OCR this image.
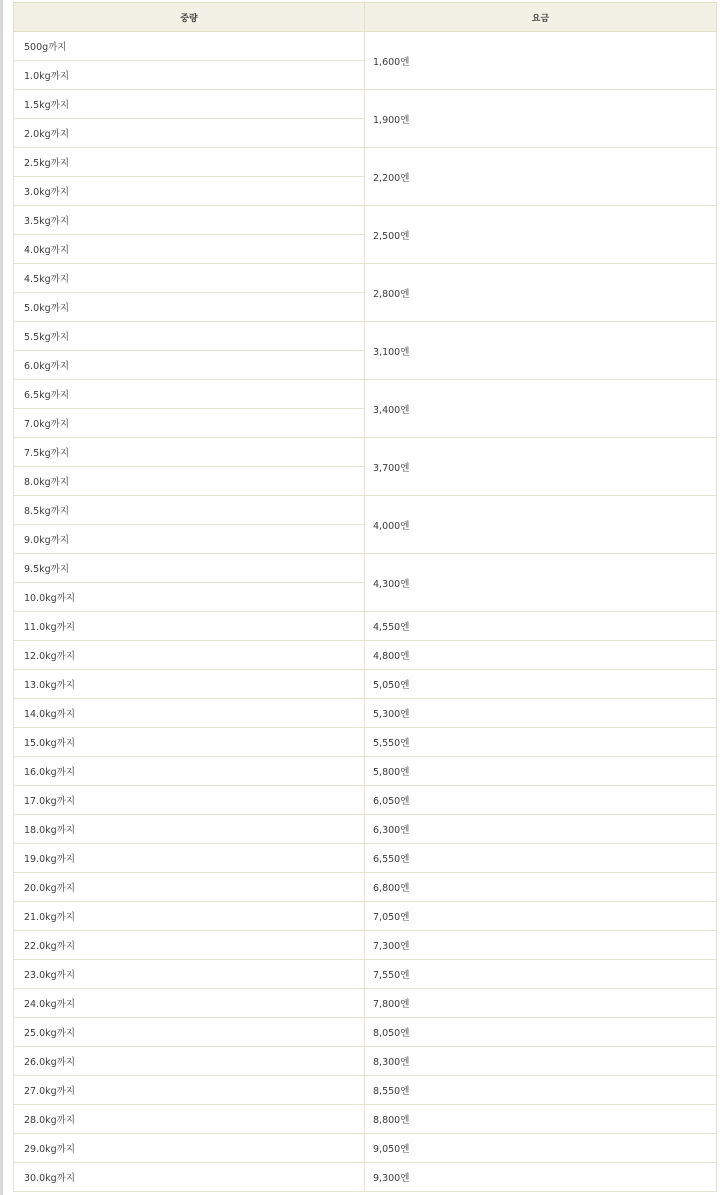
중량	요금
500g까지	1,600엔
1.0kg까지	
1.5kg까지	1,900엔
2.0kg까지	
2.5kg까지	2,200엔
3.0kg까지	
3.5kg까지	2,500엔
4.0kg까지	
4.5kg까지	2,800엔
5.0kg까지	
5.5kg까지	3,100엔
6.0kg까지	
6.5kg까지	3,400엔
7.0kg까지	
7.5kg까지	3,700엔
8.0kg까지	
8.5kg까지	4,000엔
9.0kg까지	
9.5kg까지	4,300엔
10.0kg까지	
11.0kg까지	4,550엔
12.0kg까지	4,800엔
13.0kg까지	5,050엔
14.0kg까지	5,300엔
15.0kg까지	5,550엔
16.0kg까지	5,800엔
17.0kg까지	6,050엔
18.0kg까지	6,300엔
19.0kg까지	6,550엔
20.0kg까지	6,800엔
21.0kg까지	7,050엔
22.0kg까지	7,300엔
23.0kg까지	7,550엔
24.0kg까지	7,800엔
25.0kg까지	8,050엔
26.0kg까지	8,300엔
27.0kg까지	8,550엔
28.0kg까지	8,800엔
29.0kg까지	9,050엔
30.0kg까지	9,300엔
